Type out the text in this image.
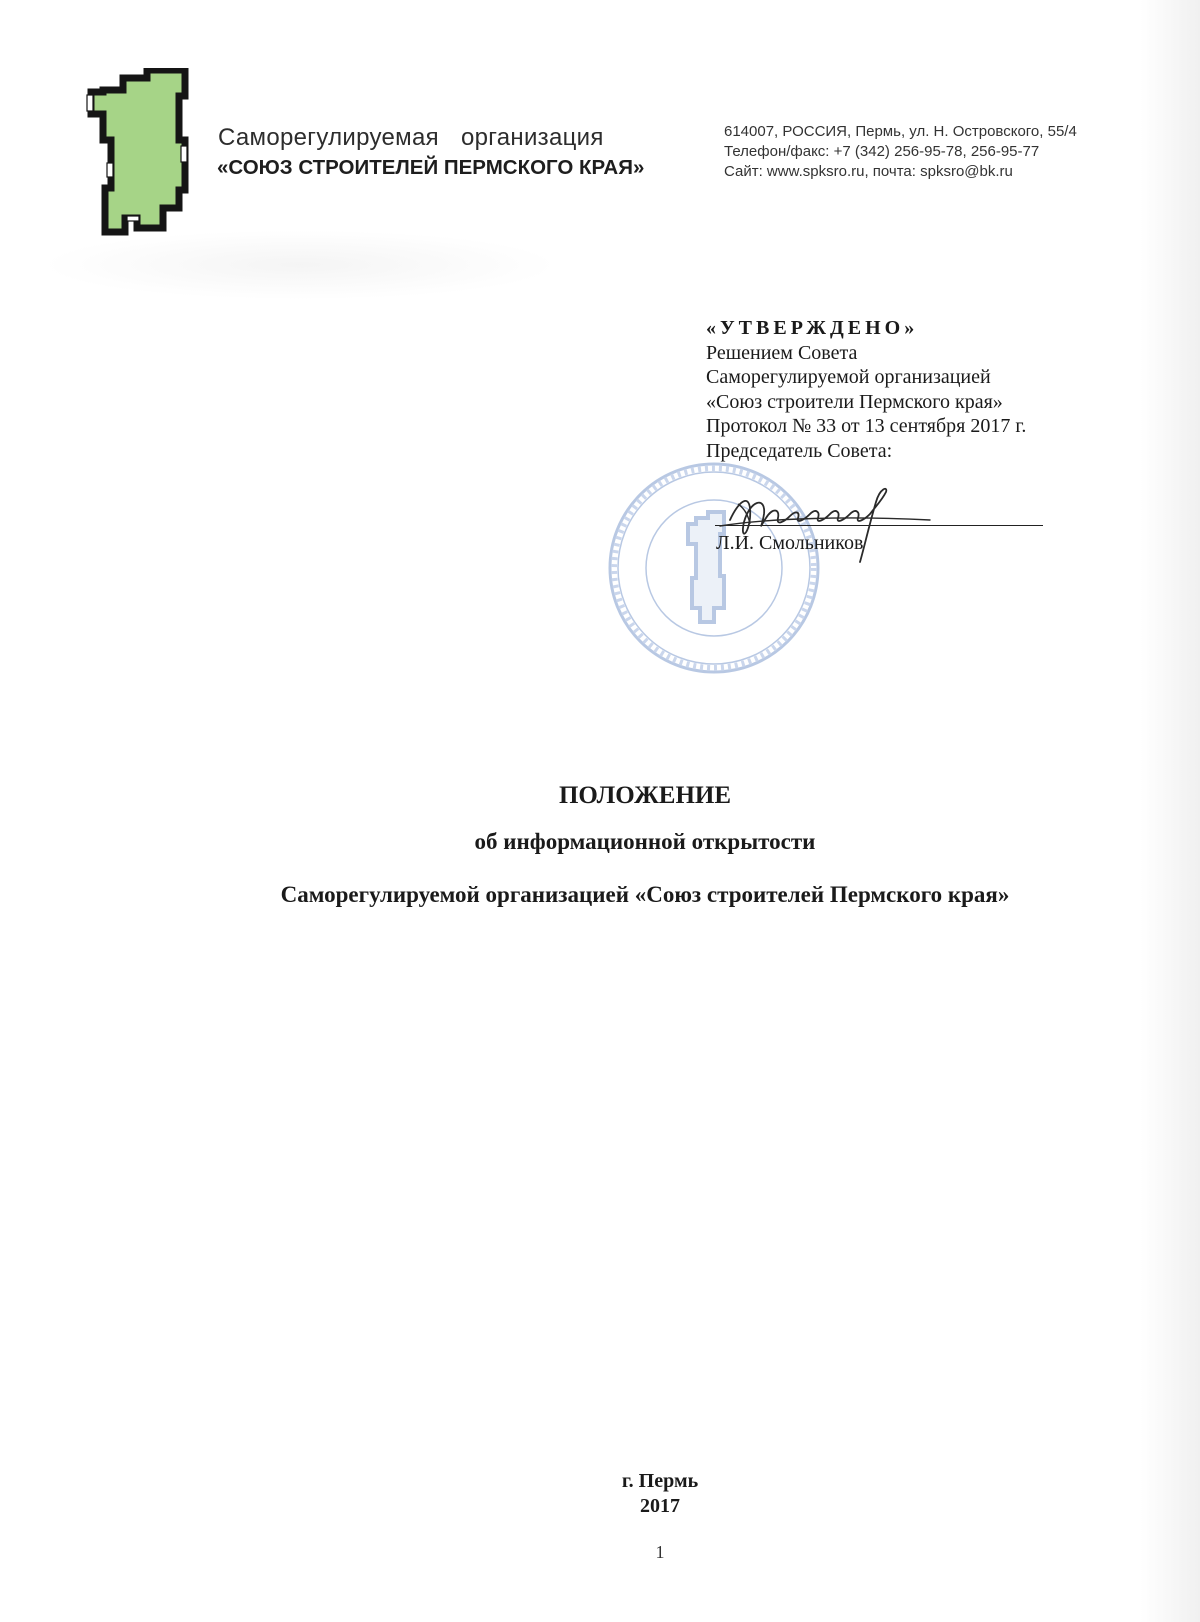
Саморегулируемая организация
«СОЮЗ СТРОИТЕЛЕЙ ПЕРМСКОГО КРАЯ»
614007, РОССИЯ, Пермь, ул. Н. Островского, 55/4
Телефон/факс: +7 (342) 256-95-78, 256-95-77
Сайт: www.spksro.ru, почта: spksro@bk.ru
«УТВЕРЖДЕНО»
Решением Совета
Саморегулируемой организацией
«Союз строители Пермского края»
Протокол № 33 от 13 сентября 2017 г.
Председатель Совета:
Л.И. Смольников
ПОЛОЖЕНИЕ
об информационной открытости
Саморегулируемой организацией «Союз строителей Пермского края»
г. Пермь
2017
1
